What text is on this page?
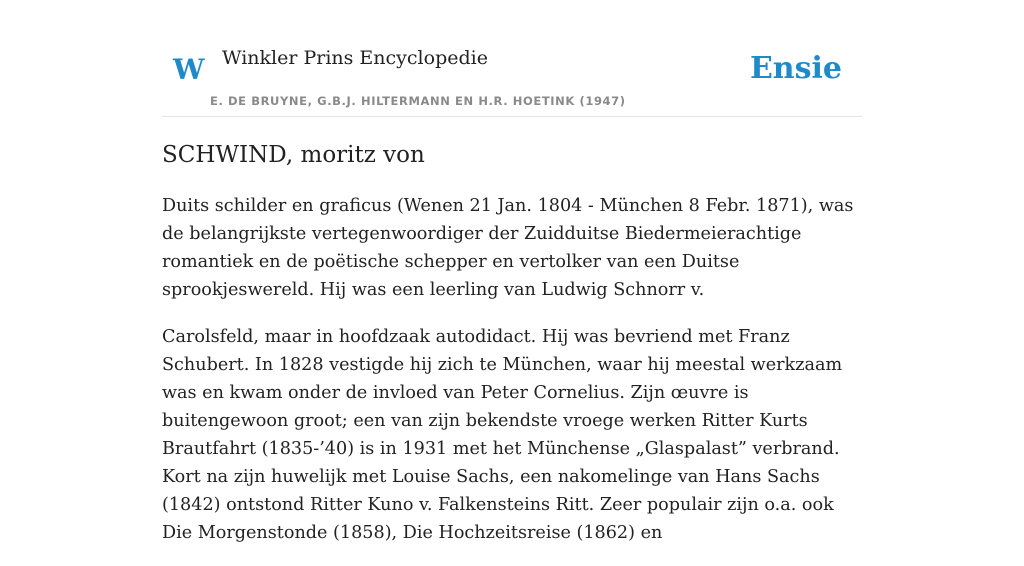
W Winkler Prins Encyclopedie
E. DE BRUYNE, G.B.J. HILTERMANN EN H.R. HOETINK (1947)
Ensie
SCHWIND, moritz von

Duits schilder en graficus (Wenen 21 Jan. 1804 - München 8 Febr. 1871), was de belangrijkste vertegenwoordiger der Zuidduitse Biedermeierachtige romantiek en de poëtische schepper en vertolker van een Duitse sprookjeswereld. Hij was een leerling van Ludwig Schnorr v.

Carolsfeld, maar in hoofdzaak autodidact. Hij was bevriend met Franz Schubert. In 1828 vestigde hij zich te München, waar hij meestal werkzaam was en kwam onder de invloed van Peter Cornelius. Zijn œuvre is buitengewoon groot; een van zijn bekendste vroege werken Ritter Kurts Brautfahrt (1835-’40) is in 1931 met het Münchense „Glaspalast” verbrand. Kort na zijn huwelijk met Louise Sachs, een nakomelinge van Hans Sachs (1842) ontstond Ritter Kuno v. Falkensteins Ritt. Zeer populair zijn o.a. ook Die Morgenstonde (1858), Die Hochzeitsreise (1862) en
